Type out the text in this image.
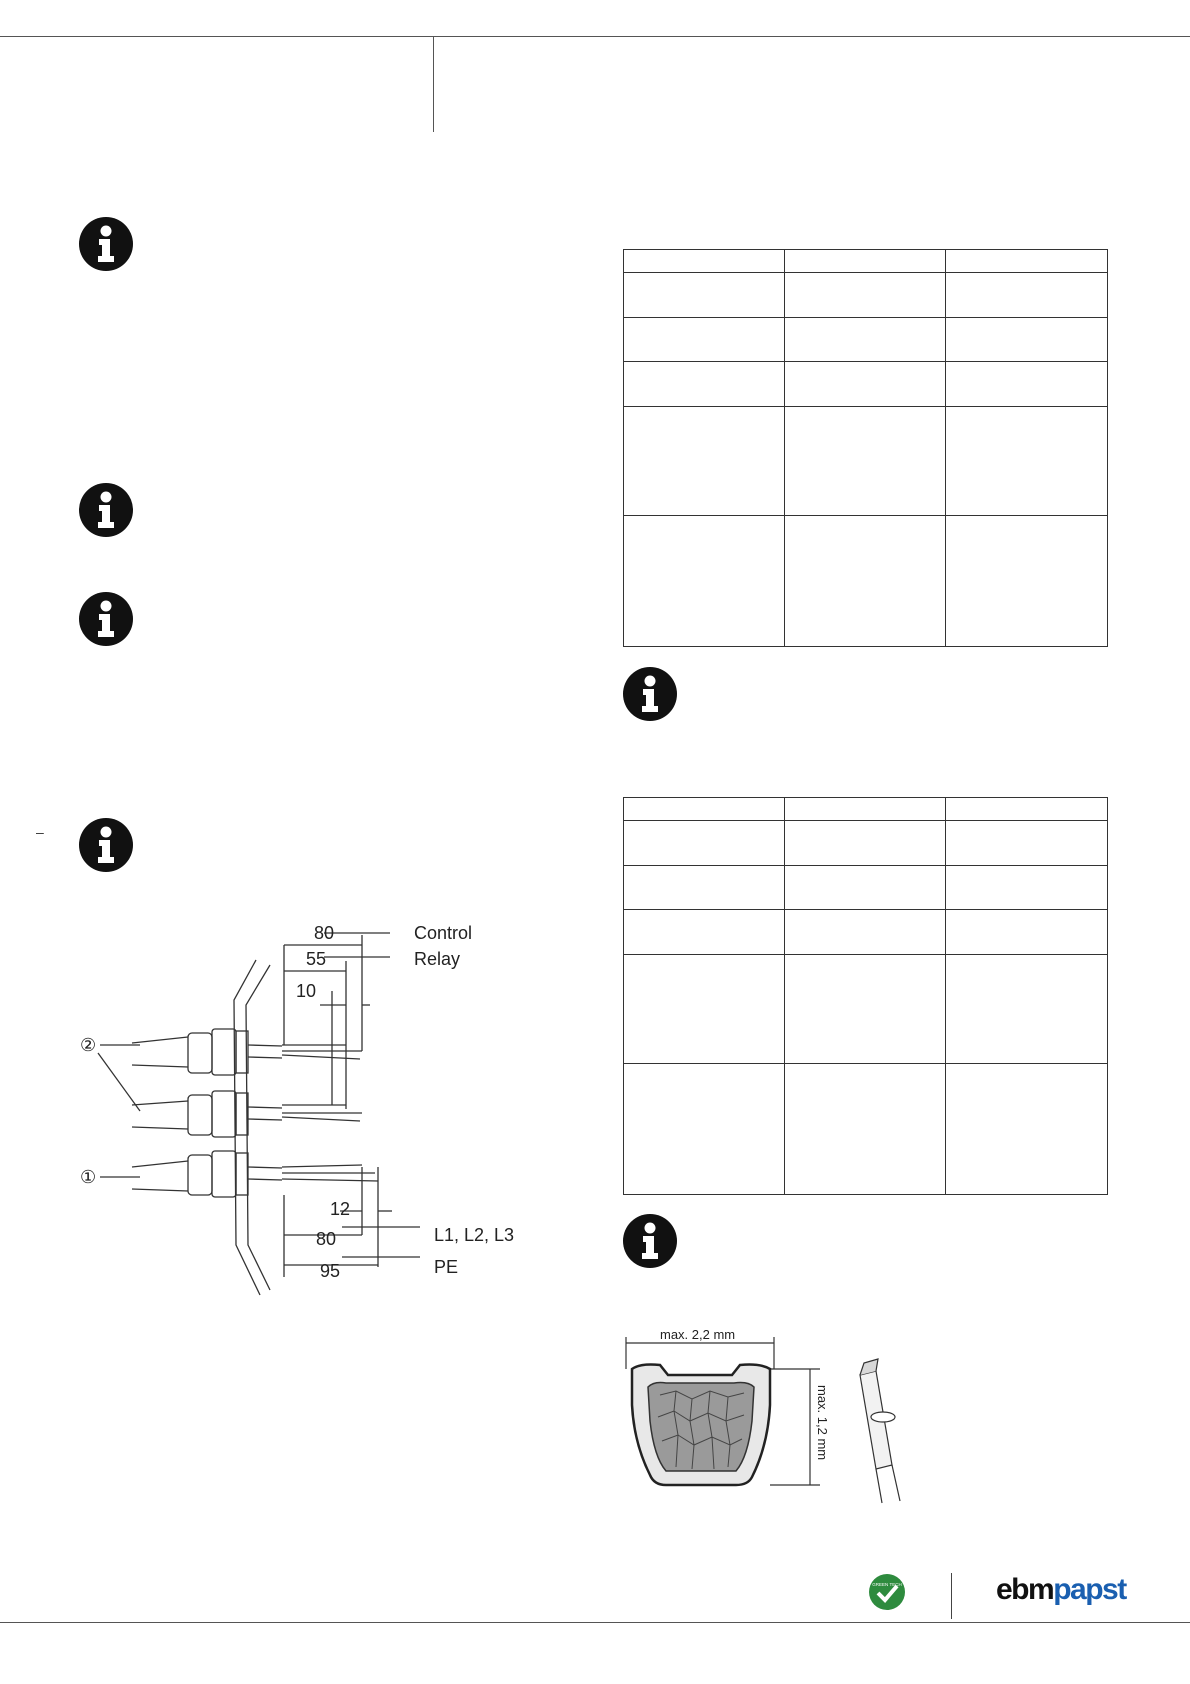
–

80
55
10
12
80
95
Control
Relay
L1, L2, L3
PE
②
①
max. 2,2 mm
max. 1,2 mm
GREEN TECH	ebmpapst
